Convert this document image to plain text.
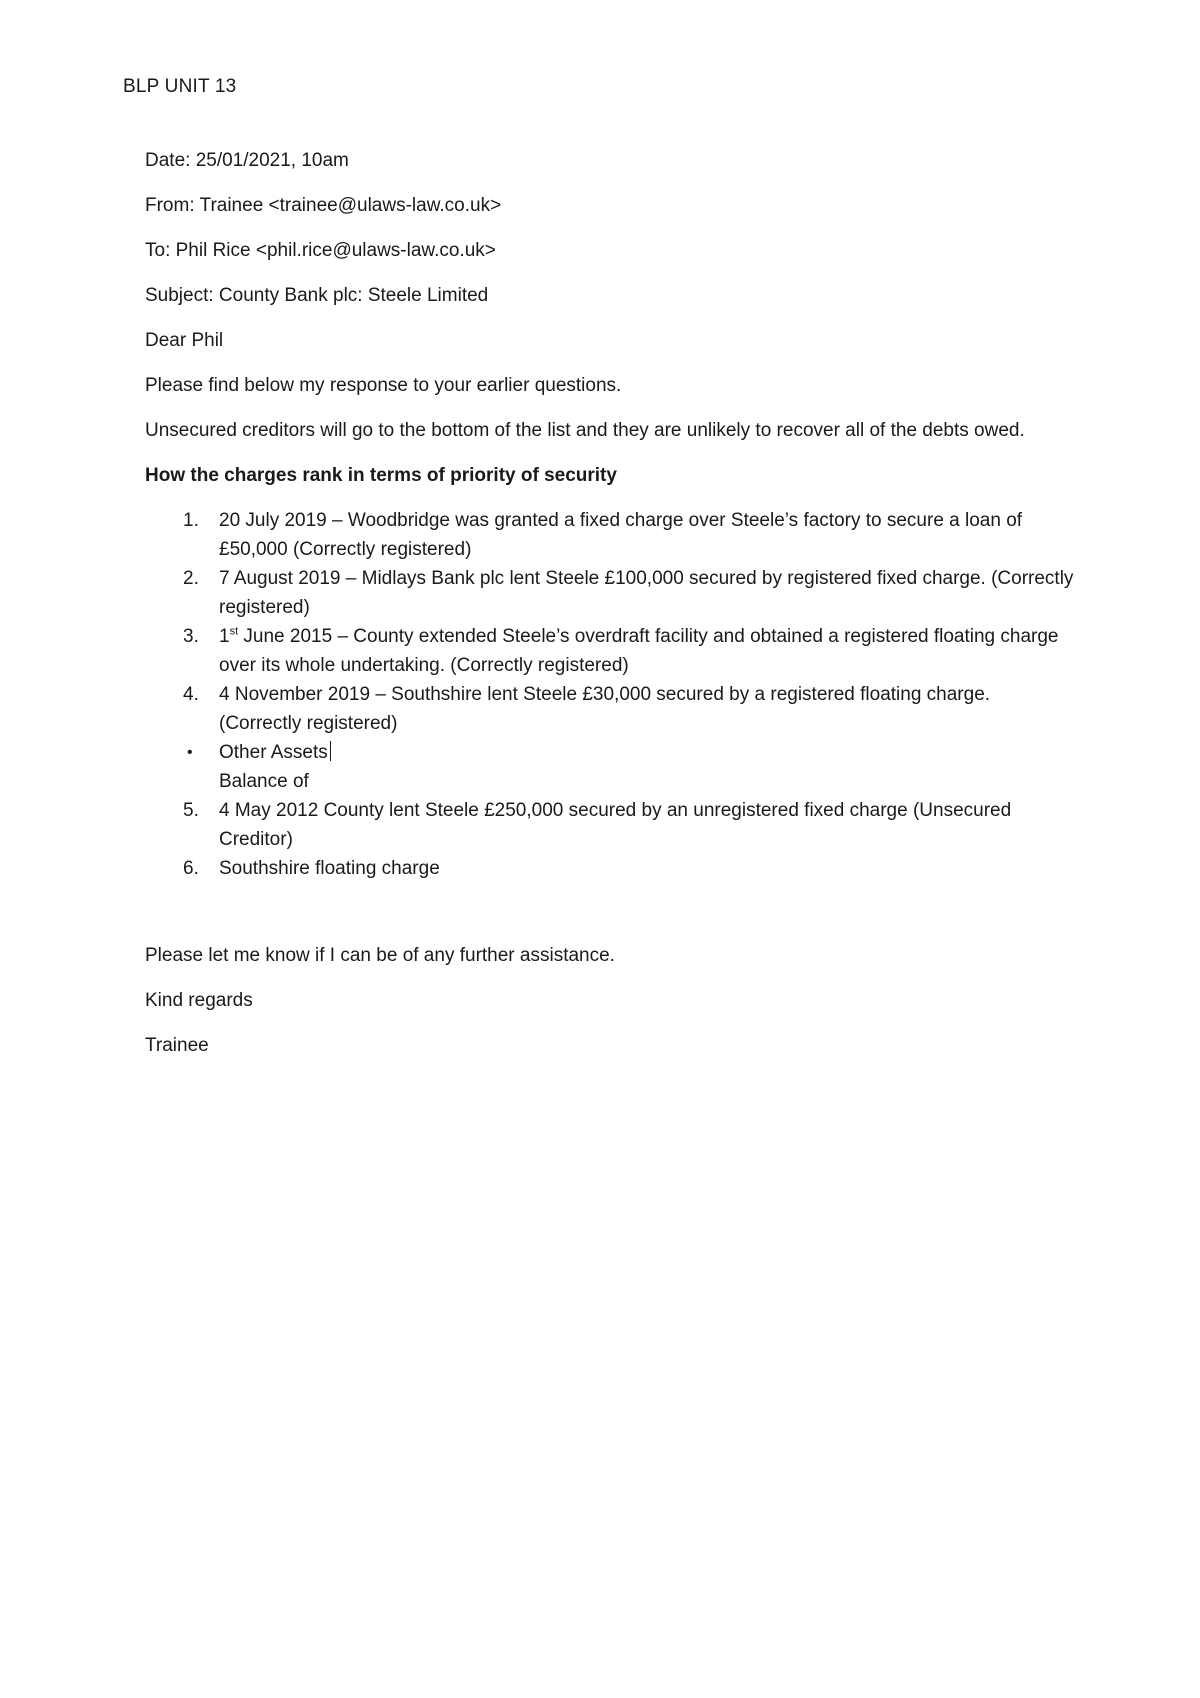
BLP UNIT 13

Date: 25/01/2021, 10am

From: Trainee <trainee@ulaws-law.co.uk>

To: Phil Rice <phil.rice@ulaws-law.co.uk>

Subject: County Bank plc: Steele Limited

Dear Phil

Please find below my response to your earlier questions.

Unsecured creditors will go to the bottom of the list and they are unlikely to recover all of the debts owed.

How the charges rank in terms of priority of security

1.	20 July 2019 – Woodbridge was granted a fixed charge over Steele’s factory to secure a loan of £50,000 (Correctly registered)
2.	7 August 2019 – Midlays Bank plc lent Steele £100,000 secured by registered fixed charge. (Correctly registered)
3.	1st June 2015 – County extended Steele’s overdraft facility and obtained a registered floating charge over its whole undertaking. (Correctly registered)
4.	4 November 2019 – Southshire lent Steele £30,000 secured by a registered floating charge. (Correctly registered)
• Other Assets
Balance of
5.	4 May 2012 County lent Steele £250,000 secured by an unregistered fixed charge (Unsecured Creditor)
6.	Southshire floating charge

Please let me know if I can be of any further assistance.

Kind regards

Trainee
